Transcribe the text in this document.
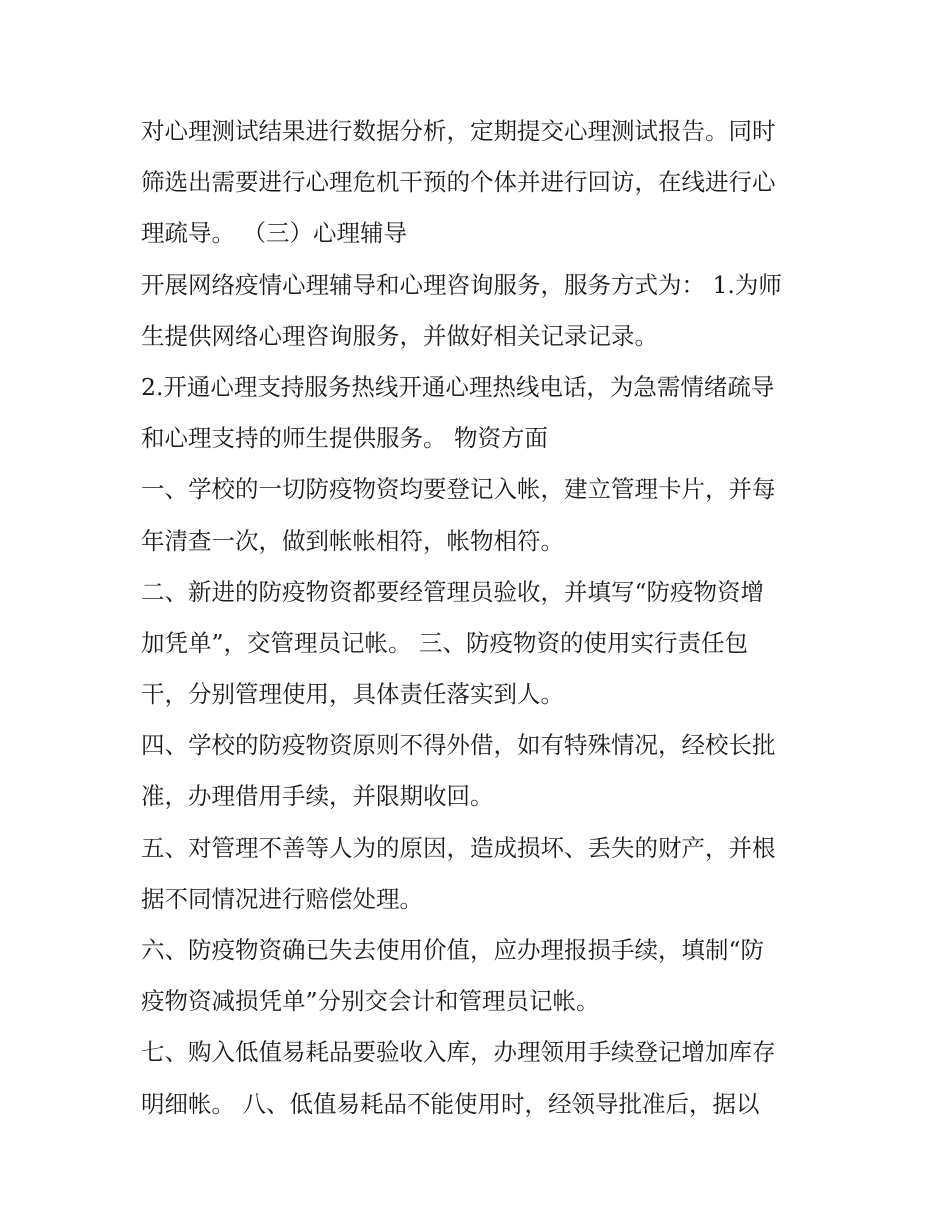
对心理测试结果进行数据分析，定期提交心理测试报告。同时
筛选出需要进行心理危机干预的个体并进行回访，在线进行心
理疏导。 （三）心理辅导
开展网络疫情心理辅导和心理咨询服务，服务方式为： 1.为师
生提供网络心理咨询服务，并做好相关记录记录。
2.开通心理支持服务热线开通心理热线电话，为急需情绪疏导
和心理支持的师生提供服务。 物资方面
一、学校的一切防疫物资均要登记入帐，建立管理卡片，并每
年清查一次，做到帐帐相符，帐物相符。
二、新进的防疫物资都要经管理员验收，并填写“防疫物资增
加凭单”，交管理员记帐。 三、防疫物资的使用实行责任包
干，分别管理使用，具体责任落实到人。
四、学校的防疫物资原则不得外借，如有特殊情况，经校长批
准，办理借用手续，并限期收回。
五、对管理不善等人为的原因，造成损坏、丢失的财产，并根
据不同情况进行赔偿处理。
六、防疫物资确已失去使用价值，应办理报损手续，填制“防
疫物资减损凭单”分别交会计和管理员记帐。
七、购入低值易耗品要验收入库，办理领用手续登记增加库存
明细帐。 八、低值易耗品不能使用时，经领导批准后，据以
